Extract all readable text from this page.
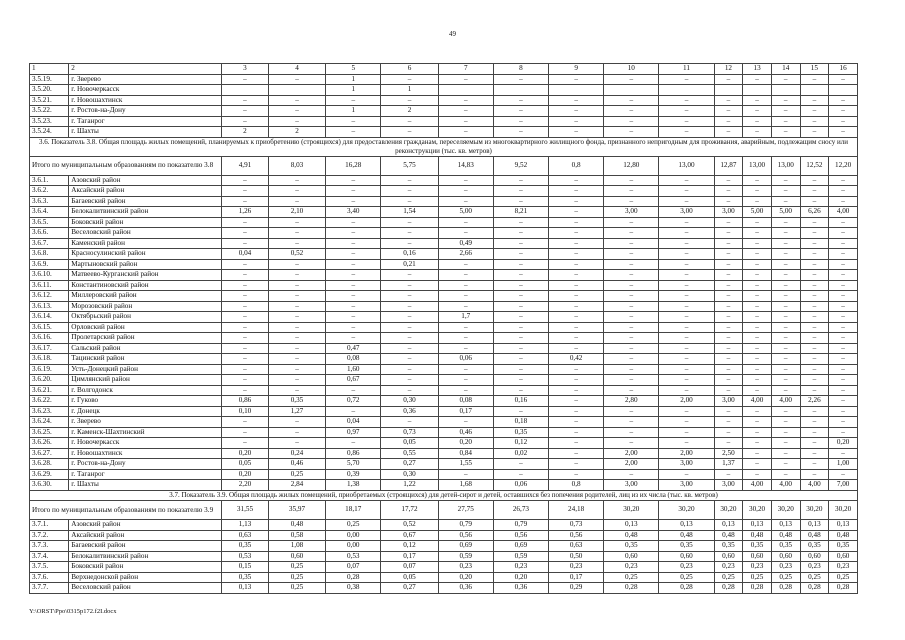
49
1	2	3	4	5	6	7	8	9	10	11	12	13	14	15	16
3.5.19.	г. Зверево	–	–	1	–	–	–	–	–	–	–	–	–	–	–
3.5.20.	г. Новочеркасск			1	1										
3.5.21.	г. Новошахтинск	–	–	–	–	–	–	–	–	–	–	–	–	–	–
3.5.22.	г. Ростов-на-Дону	–	–	1	2	–	–	–	–	–	–	–	–	–	–
3.5.23.	г. Таганрог	–	–	–	–	–	–	–	–	–	–	–	–	–	–
3.5.24.	г. Шахты	2	2	–	–	–	–	–	–	–	–	–	–	–	–
3.6. Показатель 3.8. Общая площадь жилых помещений, планируемых к приобретению (строящихся) для предоставления гражданам, переселяемым из многоквартирного жилищного фонда, признанного непригодным для проживания, аварийным, подлежащим сносу или реконструкции (тыс. кв. метров)															
Итого по муниципальным образованиям по показателю 3.8		4,91	8,03	16,28	5,75	14,83	9,52	0,8	12,80	13,00	12,87	13,00	13,00	12,52	12,20
3.6.1.	Азовский район	–	–	–	–	–	–	–	–	–	–	–	–	–	–
3.6.2.	Аксайский район	–	–	–	–	–	–	–	–	–	–	–	–	–	–
3.6.3.	Багаевский район	–	–	–	–	–	–	–	–	–	–	–	–	–	–
3.6.4.	Белокалитвинский район	1,26	2,10	3,40	1,54	5,00	8,21	–	3,00	3,00	3,00	5,00	5,00	6,26	4,00
3.6.5.	Боковский район	–	–	–	–	–	–	–	–	–	–	–	–	–	–
3.6.6.	Веселовский район	–	–	–	–	–	–	–	–	–	–	–	–	–	–
3.6.7.	Каменский район	–	–	–	–	0,49	–	–	–	–	–	–	–	–	–
3.6.8.	Красносулинский район	0,04	0,52	–	0,16	2,66	–	–	–	–	–	–	–	–	–
3.6.9.	Мартыновский район	–	–	–	0,21	–	–	–	–	–	–	–	–	–	–
3.6.10.	Матвеево-Курганский район	–	–	–	–	–	–	–	–	–	–	–	–	–	–
3.6.11.	Константиновский район	–	–	–	–	–	–	–	–	–	–	–	–	–	–
3.6.12.	Миллеровский район	–	–	–	–	–	–	–	–	–	–	–	–	–	–
3.6.13.	Морозовский район	–	–	–	–	–	–	–	–	–	–	–	–	–	–
3.6.14.	Октябрьский район	–	–	–	–	1,7	–	–	–	–	–	–	–	–	–
3.6.15.	Орловский район	–	–	–	–	–	–	–	–	–	–	–	–	–	–
3.6.16.	Пролетарский район	–	–	–	–	–	–	–	–	–	–	–	–	–	–
3.6.17.	Сальский район	–	–	0,47	–	–	–	–	–	–	–	–	–	–	–
3.6.18.	Тацинский район	–	–	0,08	–	0,06	–	0,42	–	–	–	–	–	–	–
3.6.19.	Усть-Донецкий район	–	–	1,60	–	–	–	–	–	–	–	–	–	–	–
3.6.20.	Цимлянский район	–	–	0,67	–	–	–	–	–	–	–	–	–	–	–
3.6.21.	г. Волгодонск	–	–	–	–	–	–	–	–	–	–	–	–	–	–
3.6.22.	г. Гуково	0,86	0,35	0,72	0,30	0,08	0,16	–	2,80	2,00	3,00	4,00	4,00	2,26	–
3.6.23.	г. Донецк	0,10	1,27	–	0,36	0,17	–	–	–	–	–	–	–	–	–
3.6.24.	г. Зверево	–	–	0,04	–	–	0,18	–	–	–	–	–	–	–	–
3.6.25.	г. Каменск-Шахтинский	–	–	0,97	0,73	0,46	0,35	–	–	–	–	–	–	–	–
3.6.26.	г. Новочеркасск	–	–	–	0,05	0,20	0,12	–	–	–	–	–	–	–	0,20
3.6.27.	г. Новошахтинск	0,20	0,24	0,86	0,55	0,84	0,02	–	2,00	2,00	2,50	–	–	–	–
3.6.28.	г. Ростов-на-Дону	0,05	0,46	5,70	0,27	1,55	–	–	2,00	3,00	1,37	–	–	–	1,00
3.6.29.	г. Таганрог	0,20	0,25	0,39	0,30	–	–	–	–	–	–	–	–	–	–
3.6.30.	г. Шахты	2,20	2,84	1,38	1,22	1,68	0,06	0,8	3,00	3,00	3,00	4,00	4,00	4,00	7,00
3.7. Показатель 3.9. Общая площадь жилых помещений, приобретаемых (строящихся) для детей-сирот и детей, оставшихся без попечения родителей, лиц из их числа (тыс. кв. метров)															
Итого по муниципальным образованиям по показателю 3.9		31,55	35,97	18,17	17,72	27,75	26,73	24,18	30,20	30,20	30,20	30,20	30,20	30,20	30,20
3.7.1.	Азовский район	1,13	0,48	0,25	0,52	0,79	0,79	0,73	0,13	0,13	0,13	0,13	0,13	0,13	0,13
3.7.2.	Аксайский район	0,63	0,58	0,00	0,67	0,56	0,56	0,56	0,48	0,48	0,48	0,48	0,48	0,48	0,48
3.7.3.	Багаевский район	0,35	1,08	0,00	0,12	0,69	0,69	0,63	0,35	0,35	0,35	0,35	0,35	0,35	0,35
3.7.4.	Белокалитвинский район	0,53	0,60	0,53	0,17	0,59	0,59	0,50	0,60	0,60	0,60	0,60	0,60	0,60	0,60
3.7.5.	Боковский район	0,15	0,25	0,07	0,07	0,23	0,23	0,23	0,23	0,23	0,23	0,23	0,23	0,23	0,23
3.7.6.	Верхнедонской район	0,35	0,25	0,28	0,05	0,20	0,20	0,17	0,25	0,25	0,25	0,25	0,25	0,25	0,25
3.7.7.	Веселовский район	0,13	0,25	0,38	0,27	0,36	0,36	0,29	0,28	0,28	0,28	0,28	0,28	0,28	0,28
Y:\ORST\Ppo\0315p172.f2I.docx
